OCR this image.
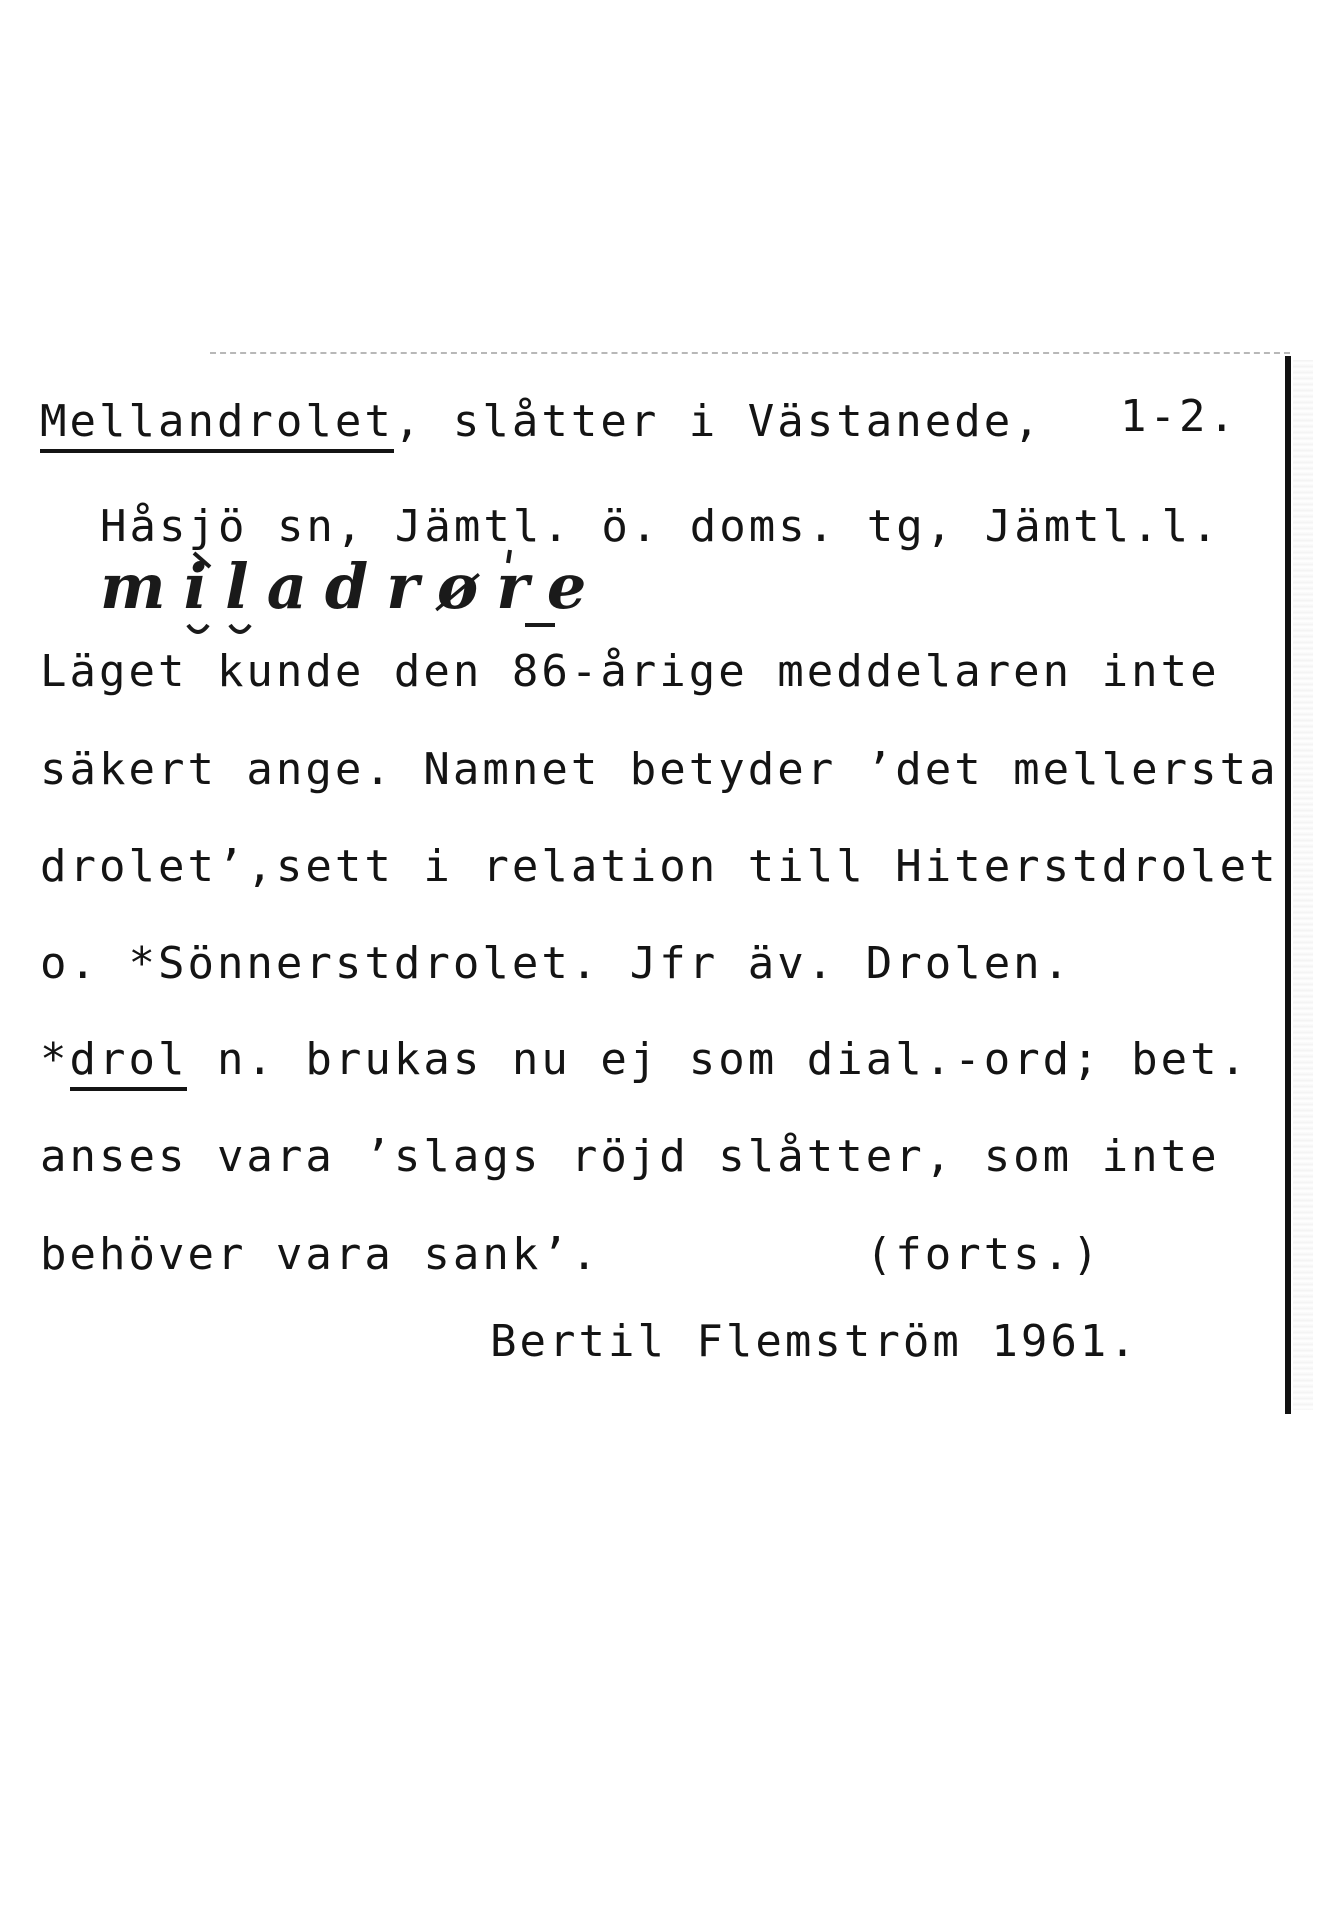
Mellandrolet, slåtter i Västanede, 1-2.
Håsjö sn, Jämtl. ö. doms. tg, Jämtl.l.
miladrøre
Läget kunde den 86-årige meddelaren inte
säkert ange. Namnet betyder ’det mellersta
drolet’,sett i relation till Hiterstdrolet
o. *Sönnerstdrolet. Jfr äv. Drolen.
*drol n. brukas nu ej som dial.-ord; bet.
anses vara ’slags röjd slåtter, som inte
behöver vara sank’.         (forts.)
Bertil Flemström 1961.
